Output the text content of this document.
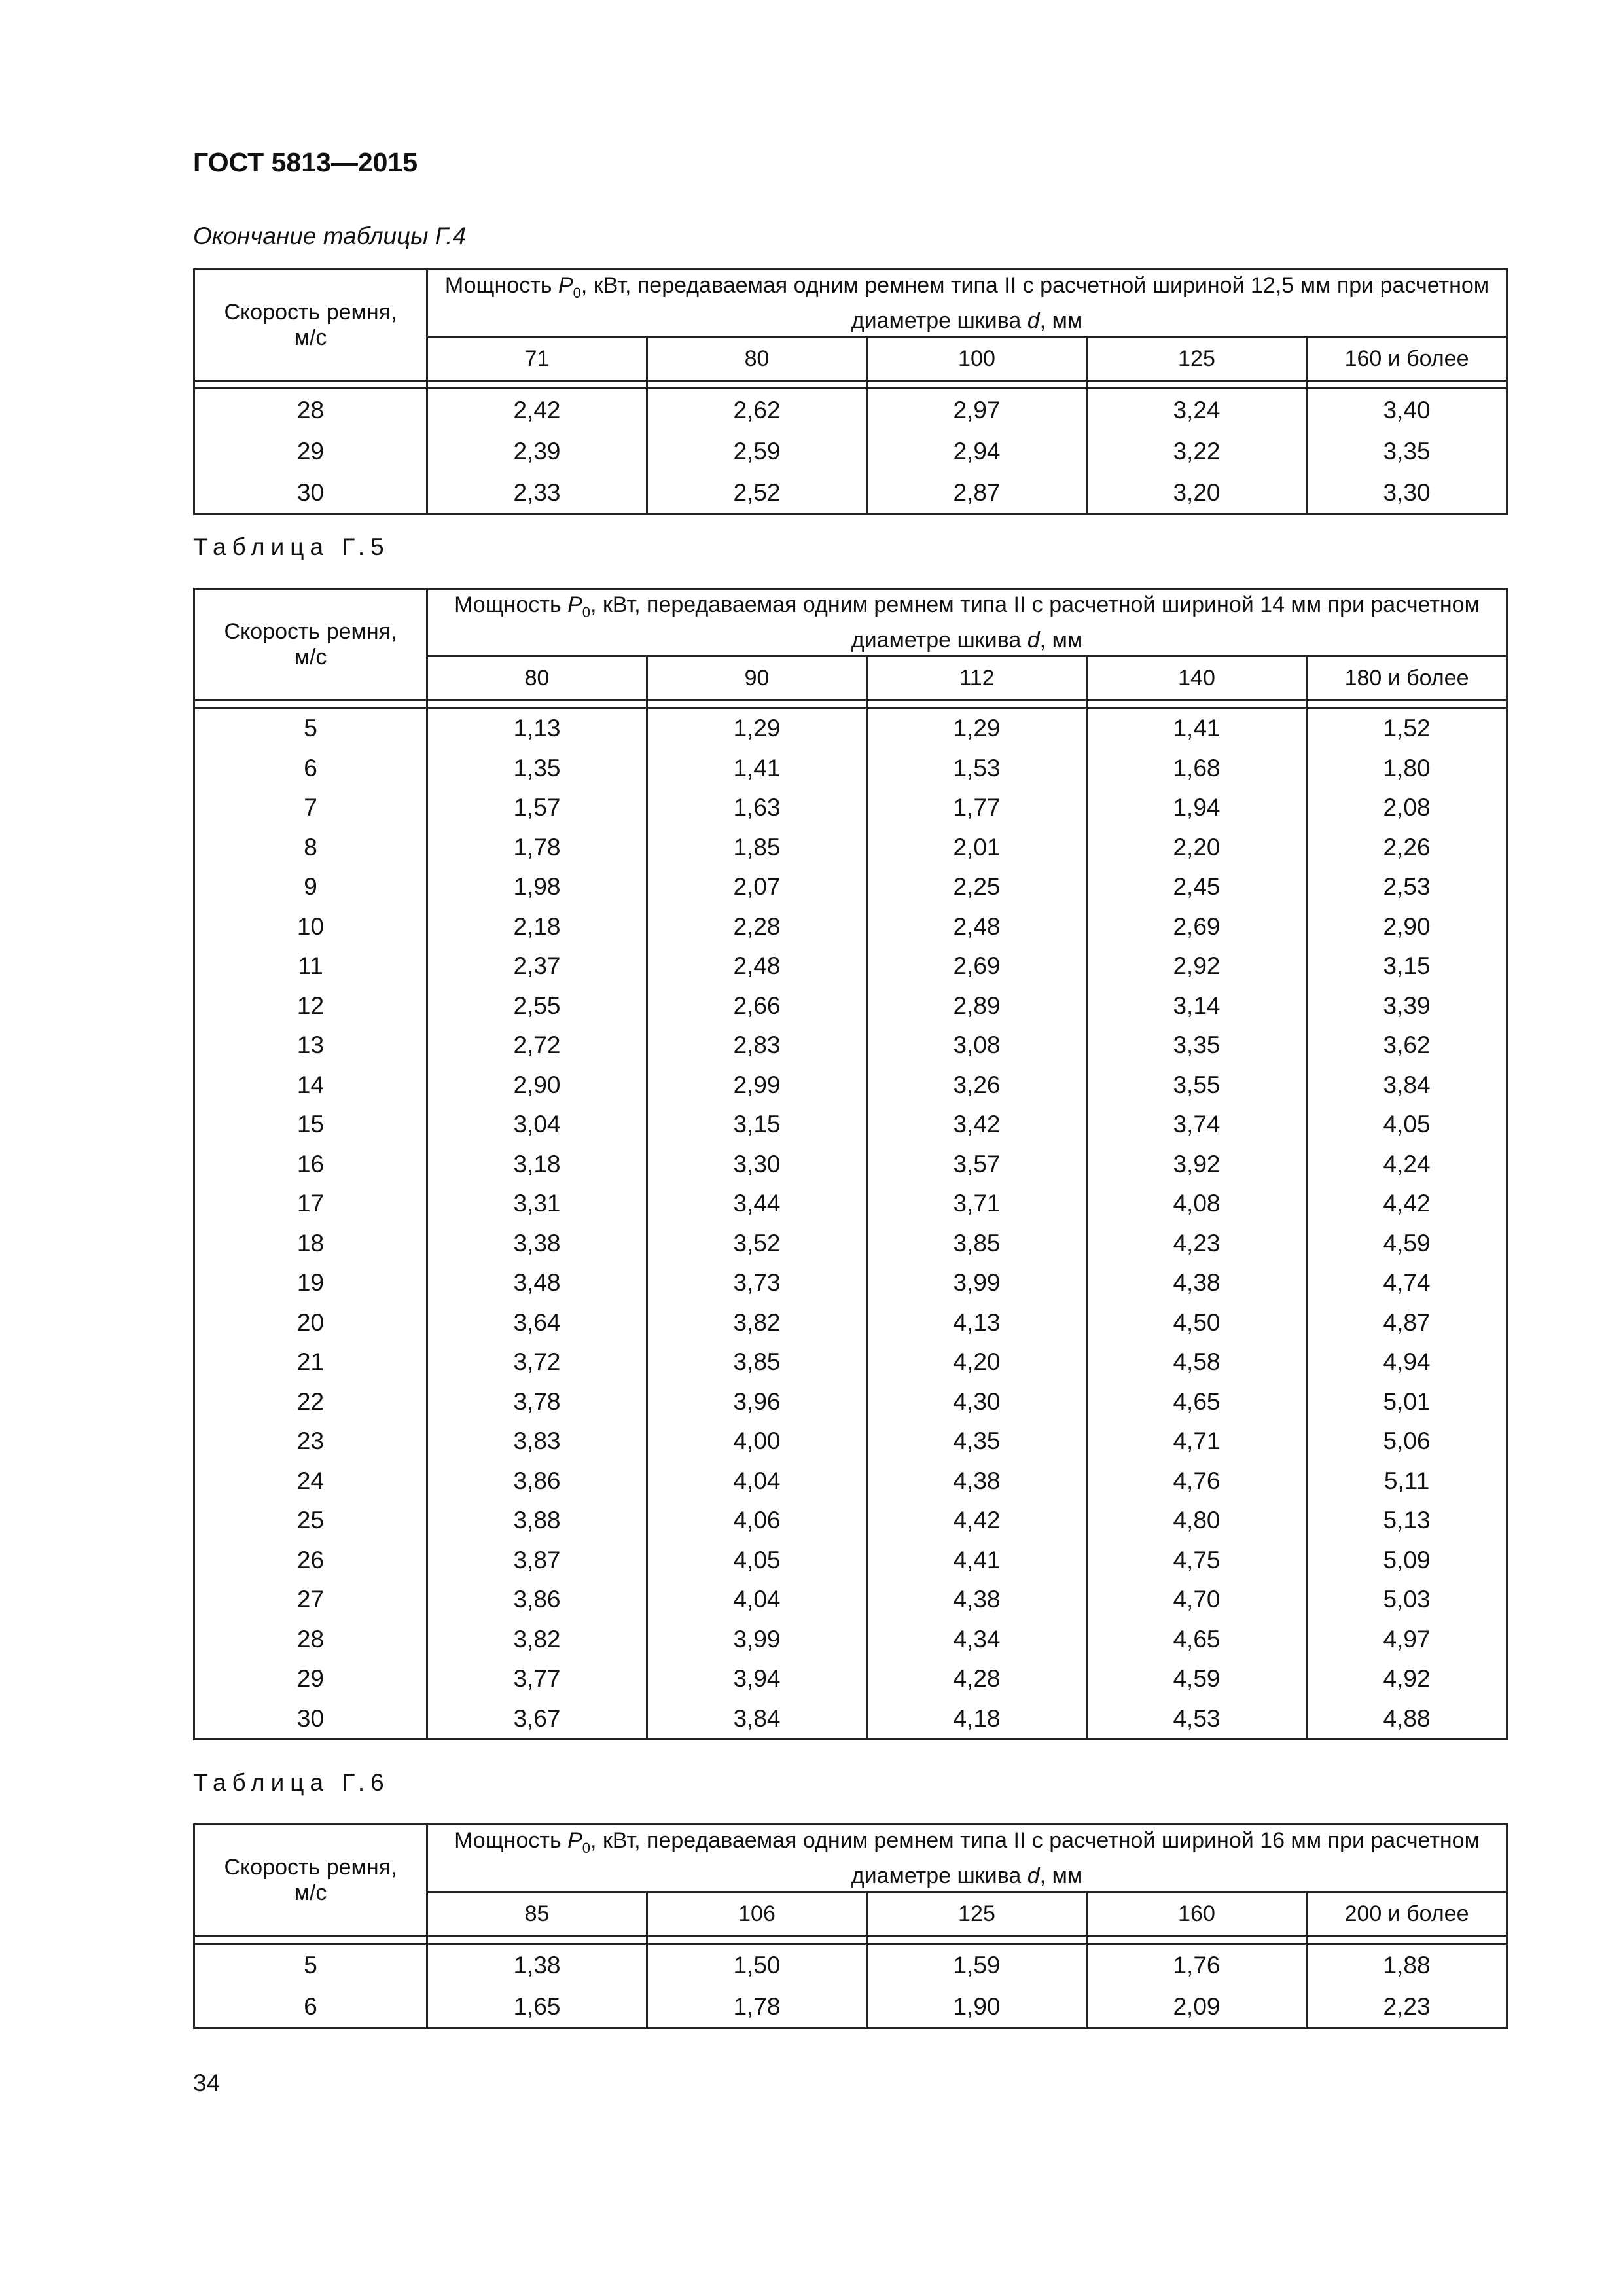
ГОСТ 5813—2015
Окончание таблицы Г.4
Скорость ремня, м/с	Мощность $P_0$, кВт, передаваемая одним ремнем типа II с расчетной шириной 12,5 мм при расчетном диаметре шкива d, мм				
	71	80	100	125	160 и более

28	2,42	2,62	2,97	3,24	3,40
29	2,39	2,59	2,94	3,22	3,35
30	2,33	2,52	2,87	3,20	3,30
Таблица Г.5
Скорость ремня, м/с	Мощность $P_0$, кВт, передаваемая одним ремнем типа II с расчетной шириной 14 мм при расчетном диаметре шкива d, мм				
	80	90	112	140	180 и более

5	1,13	1,29	1,29	1,41	1,52
6	1,35	1,41	1,53	1,68	1,80
7	1,57	1,63	1,77	1,94	2,08
8	1,78	1,85	2,01	2,20	2,26
9	1,98	2,07	2,25	2,45	2,53
10	2,18	2,28	2,48	2,69	2,90
11	2,37	2,48	2,69	2,92	3,15
12	2,55	2,66	2,89	3,14	3,39
13	2,72	2,83	3,08	3,35	3,62
14	2,90	2,99	3,26	3,55	3,84
15	3,04	3,15	3,42	3,74	4,05
16	3,18	3,30	3,57	3,92	4,24
17	3,31	3,44	3,71	4,08	4,42
18	3,38	3,52	3,85	4,23	4,59
19	3,48	3,73	3,99	4,38	4,74
20	3,64	3,82	4,13	4,50	4,87
21	3,72	3,85	4,20	4,58	4,94
22	3,78	3,96	4,30	4,65	5,01
23	3,83	4,00	4,35	4,71	5,06
24	3,86	4,04	4,38	4,76	5,11
25	3,88	4,06	4,42	4,80	5,13
26	3,87	4,05	4,41	4,75	5,09
27	3,86	4,04	4,38	4,70	5,03
28	3,82	3,99	4,34	4,65	4,97
29	3,77	3,94	4,28	4,59	4,92
30	3,67	3,84	4,18	4,53	4,88
Таблица Г.6
Скорость ремня, м/с	Мощность $P_0$, кВт, передаваемая одним ремнем типа II с расчетной шириной 16 мм при расчетном диаметре шкива d, мм				
	85	106	125	160	200 и более

5	1,38	1,50	1,59	1,76	1,88
6	1,65	1,78	1,90	2,09	2,23
34
